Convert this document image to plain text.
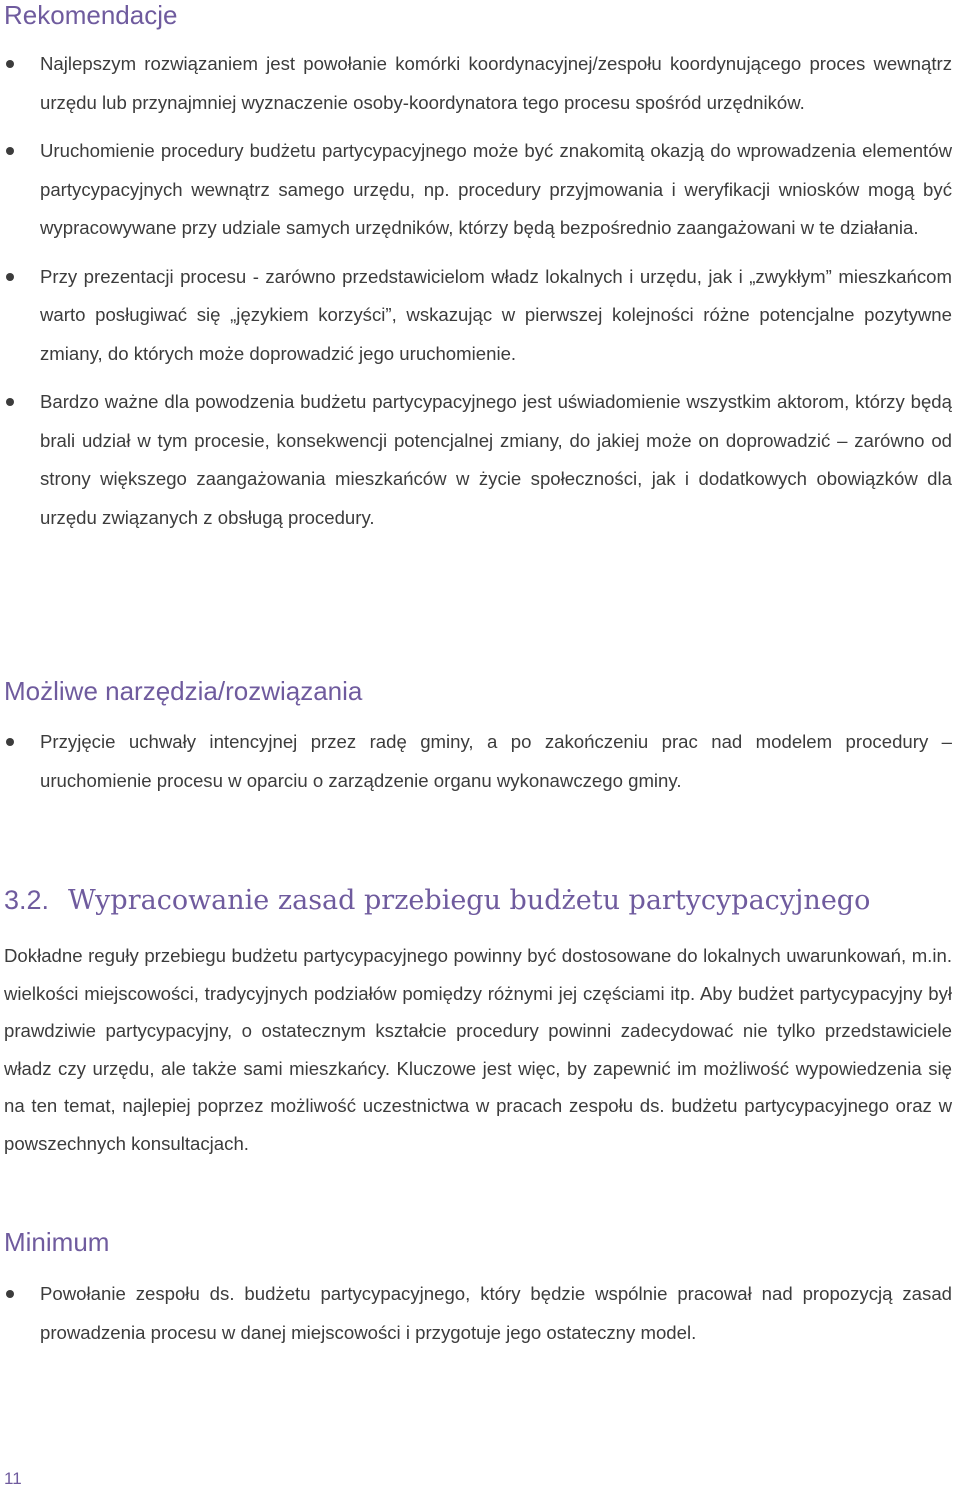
Rekomendacje
Najlepszym rozwiązaniem jest powołanie komórki koordynacyjnej/zespołu koordynującego proces wewnątrz urzędu lub przynajmniej wyznaczenie osoby-koordynatora tego procesu spośród urzędników.
Uruchomienie procedury budżetu partycypacyjnego może być znakomitą okazją do wprowadzenia elementów partycypacyjnych wewnątrz samego urzędu, np. procedury przyjmowania i weryfikacji wniosków mogą być wypracowywane przy udziale samych urzędników, którzy będą bezpośrednio zaangażowani w te działania.
Przy prezentacji procesu - zarówno przedstawicielom władz lokalnych i urzędu, jak i „zwykłym” mieszkańcom warto posługiwać się „językiem korzyści”, wskazując w pierwszej kolejności różne potencjalne pozytywne zmiany, do których może doprowadzić jego uruchomienie.
Bardzo ważne dla powodzenia budżetu partycypacyjnego jest uświadomienie wszystkim aktorom, którzy będą brali udział w tym procesie, konsekwencji potencjalnej zmiany, do jakiej może on doprowadzić – zarówno od strony większego zaangażowania mieszkańców w życie społeczności, jak i dodatkowych obowiązków dla urzędu związanych z obsługą procedury.
Możliwe narzędzia/rozwiązania
Przyjęcie uchwały intencyjnej przez radę gminy, a po zakończeniu prac nad modelem procedury – uruchomienie procesu w oparciu o zarządzenie organu wykonawczego gminy.
3.2. Wypracowanie zasad przebiegu budżetu partycypacyjnego

Dokładne reguły przebiegu budżetu partycypacyjnego powinny być dostosowane do lokalnych uwarunkowań, m.in. wielkości miejscowości, tradycyjnych podziałów pomiędzy różnymi jej częściami itp. Aby budżet partycypacyjny był prawdziwie partycypacyjny, o ostatecznym kształcie procedury powinni zadecydować nie tylko przedstawiciele władz czy urzędu, ale także sami mieszkańcy. Kluczowe jest więc, by zapewnić im możliwość wypowiedzenia się na ten temat, najlepiej poprzez możliwość uczestnictwa w pracach zespołu ds. budżetu partycypacyjnego oraz w powszechnych konsultacjach.

Minimum
Powołanie zespołu ds. budżetu partycypacyjnego, który będzie wspólnie pracował nad propozycją zasad prowadzenia procesu w danej miejscowości i przygotuje jego ostateczny model.
11
